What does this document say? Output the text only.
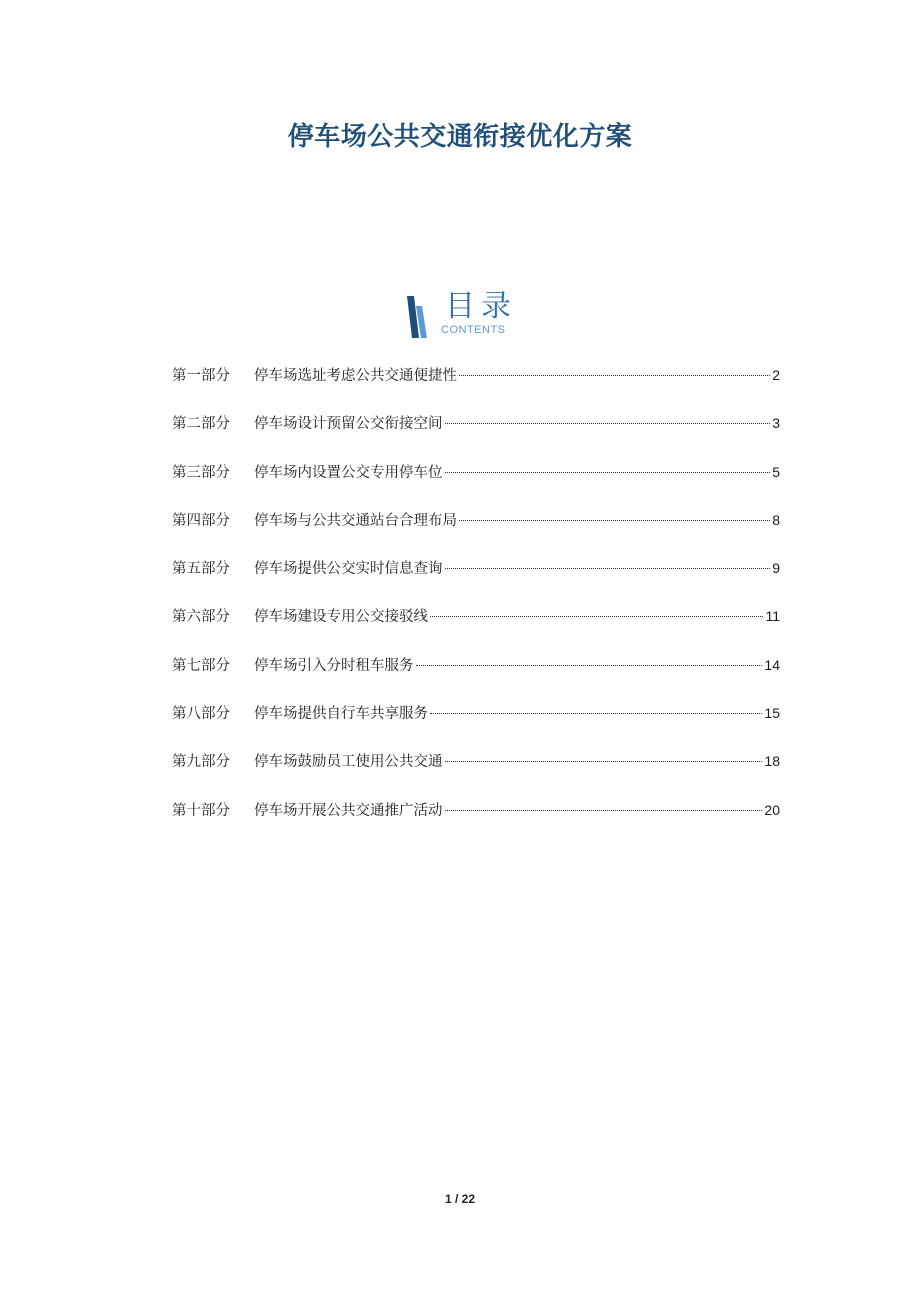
停车场公共交通衔接优化方案
目录
CONTENTS
第一部分	停车场选址考虑公共交通便捷性	2
第二部分	停车场设计预留公交衔接空间	3
第三部分	停车场内设置公交专用停车位	5
第四部分	停车场与公共交通站台合理布局	8
第五部分	停车场提供公交实时信息查询	9
第六部分	停车场建设专用公交接驳线	11
第七部分	停车场引入分时租车服务	14
第八部分	停车场提供自行车共享服务	15
第九部分	停车场鼓励员工使用公共交通	18
第十部分	停车场开展公共交通推广活动	20
1 / 22
